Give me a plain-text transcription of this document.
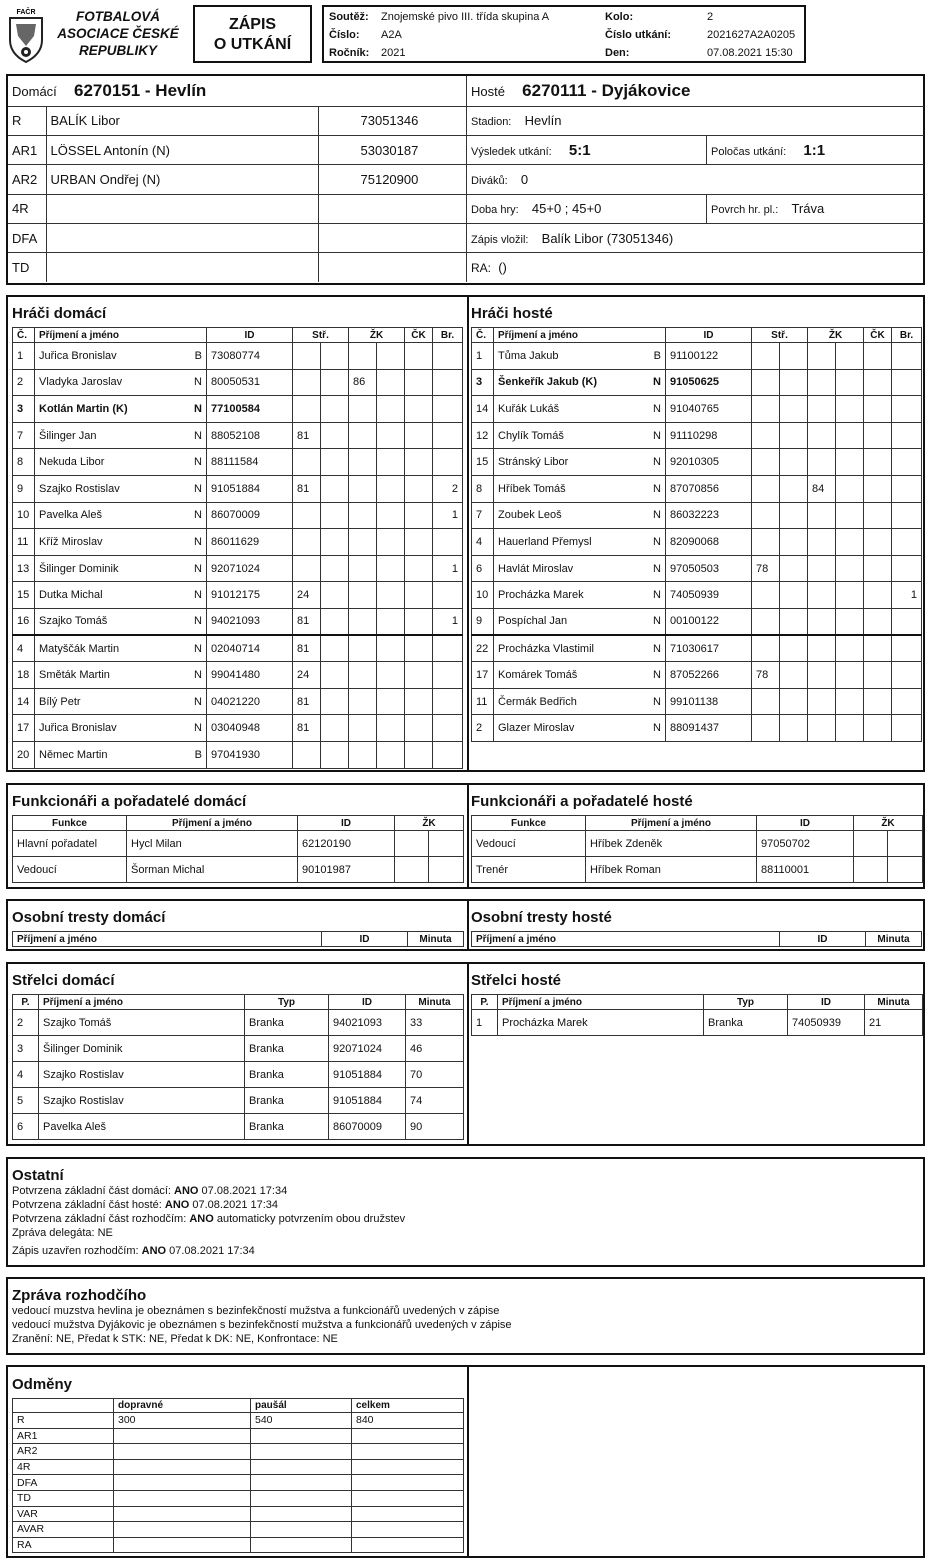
FAČR	FOTBALOVÁ
ASOCIACE ČESKÉ
REPUBLIKY
ZÁPIS
O UTKÁNÍ
Soutěž:	Znojemské pivo III. třída skupina A	Kolo:	2
Číslo:	A2A	Číslo utkání:	2021627A2A0205
Ročník:	2021	Den:	07.08.2021 15:30
Domácí 6270151 - Hevlín		
R	BALÍK Libor	73051346
AR1	LÖSSEL Antonín (N)	53030187
AR2	URBAN Ondřej (N)	75120900
4R		
DFA		
TD		
Hosté 6270111 - Dyjákovice	
Stadion: Hevlín	
Výsledek utkání: 5:1	Poločas utkání: 1:1
Diváků: 0	
Doba hry: 45+0 ; 45+0	Povrch hr. pl.: Tráva
Zápis vložil: Balík Libor (73051346)	
RA: ()	
Hráči domácí	Hráči hosté
Č.	Příjmení a jméno	ID	Stř.		ŽK		ČK	Br.
1	Juřica Bronislav B	73080774						
2	Vladyka Jaroslav N	80050531			86			
3	Kotlán Martin (K) N	77100584						
7	Šilinger Jan N	88052108	81					
8	Nekuda Libor N	88111584						
9	Szajko Rostislav N	91051884	81					2
10	Pavelka Aleš N	86070009						1
11	Kříž Miroslav N	86011629						
13	Šilinger Dominik N	92071024						1
15	Dutka Michal N	91012175	24					
16	Szajko Tomáš N	94021093	81					1
4	Matyščák Martin N	02040714	81					
18	Směták Martin N	99041480	24					
14	Bílý Petr N	04021220	81					
17	Juřica Bronislav N	03040948	81					
20	Němec Martin B	97041930						
Č.	Příjmení a jméno	ID	Stř.		ŽK		ČK	Br.
1	Tůma Jakub B	91100122						
3	Šenkeřík Jakub (K) N	91050625						
14	Kuřák Lukáš N	91040765						
12	Chylík Tomáš N	91110298						
15	Stránský Libor N	92010305						
8	Hříbek Tomáš N	87070856			84			
7	Zoubek Leoš N	86032223						
4	Hauerland Přemysl N	82090068						
6	Havlát Miroslav N	97050503	78					
10	Procházka Marek N	74050939						1
9	Pospíchal Jan N	00100122						
22	Procházka Vlastimil N	71030617						
17	Komárek Tomáš N	87052266	78					
11	Čermák Bedřich N	99101138						
2	Glazer Miroslav N	88091437						
Funkcionáři a pořadatelé domácí	Funkcionáři a pořadatelé hosté
Funkce	Příjmení a jméno	ID	ŽK	
Hlavní pořadatel	Hycl Milan	62120190		
Vedoucí	Šorman Michal	90101987		
Funkce	Příjmení a jméno	ID	ŽK	
Vedoucí	Hříbek Zdeněk	97050702		
Trenér	Hříbek Roman	88110001		
Osobní tresty domácí	Osobní tresty hosté
Příjmení a jméno	ID	Minuta Příjmení a jméno	ID	Minuta
Střelci domácí	Střelci hosté
P.	Příjmení a jméno	Typ	ID	Minuta
2	Szajko Tomáš	Branka	94021093	33
3	Šilinger Dominik	Branka	92071024	46
4	Szajko Rostislav	Branka	91051884	70
5	Szajko Rostislav	Branka	91051884	74
6	Pavelka Aleš	Branka	86070009	90
P.	Příjmení a jméno	Typ	ID	Minuta
1	Procházka Marek	Branka	74050939	21
Ostatní
Potvrzena základní část domácí: ANO 07.08.2021 17:34
Potvrzena základní část hosté: ANO 07.08.2021 17:34
Potvrzena základní část rozhodčím: ANO automaticky potvrzením obou družstev
Zpráva delegáta: NE
Zápis uzavřen rozhodčím: ANO 07.08.2021 17:34
Zpráva rozhodčího
vedoucí muzstva hevlina je obeznámen s bezinfekčností mužstva a funkcionářů uvedených v zápise
vedoucí mužstva Dyjákovic je obeznámen s bezinfekčností mužstva a funkcionářů uvedených v zápise
Zranění: NE, Předat k STK: NE, Předat k DK: NE, Konfrontace: NE
Odměny
	dopravné	paušál	celkem
R	300	540	840
AR1			
AR2			
4R			
DFA			
TD			
VAR			
AVAR			
RA			
